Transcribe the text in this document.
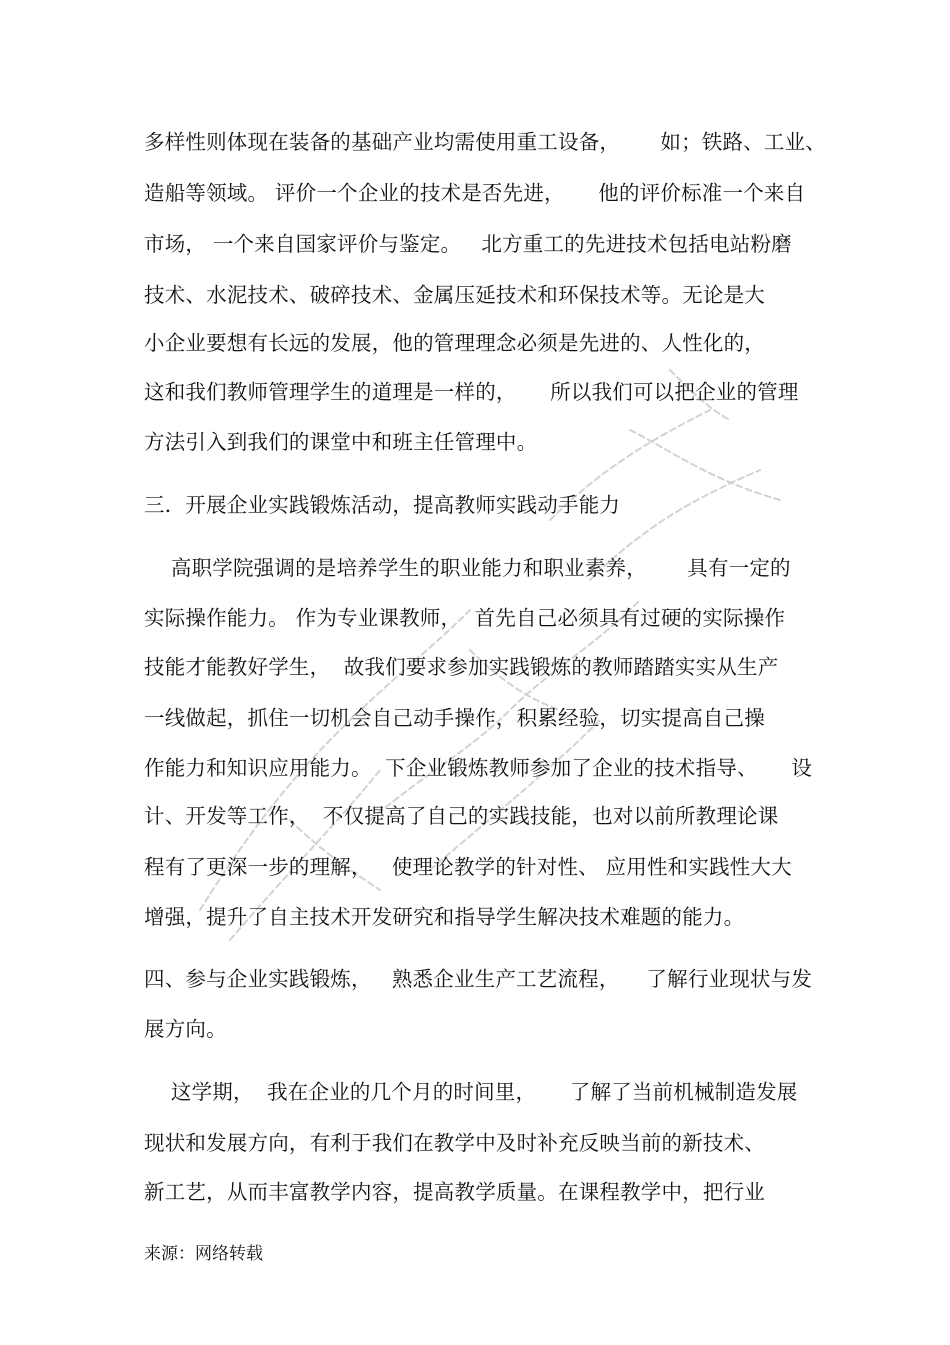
多样性则体现在装备的基础产业均需使用重工设备，      如；铁路、工业、

造船等领域。 评价一个企业的技术是否先进，     他的评价标准一个来自

市场， 一个来自国家评价与鉴定。   北方重工的先进技术包括电站粉磨

技术、水泥技术、破碎技术、金属压延技术和环保技术等。无论是大

小企业要想有长远的发展，他的管理理念必须是先进的、人性化的，

这和我们教师管理学生的道理是一样的，     所以我们可以把企业的管理

方法引入到我们的课堂中和班主任管理中。

三．开展企业实践锻炼活动，提高教师实践动手能力

高职学院强调的是培养学生的职业能力和职业素养，      具有一定的

实际操作能力。 作为专业课教师，  首先自己必须具有过硬的实际操作

技能才能教好学生，  故我们要求参加实践锻炼的教师踏踏实实从生产

一线做起，抓住一切机会自己动手操作，积累经验，切实提高自己操

作能力和知识应用能力。  下企业锻炼教师参加了企业的技术指导、     设

计、开发等工作，  不仅提高了自己的实践技能，也对以前所教理论课

程有了更深一步的理解，   使理论教学的针对性、 应用性和实践性大大

增强，提升了自主技术开发研究和指导学生解决技术难题的能力。

四、参与企业实践锻炼，   熟悉企业生产工艺流程，    了解行业现状与发

展方向。

这学期，  我在企业的几个月的时间里，     了解了当前机械制造发展

现状和发展方向，有利于我们在教学中及时补充反映当前的新技术、

新工艺，从而丰富教学内容，提高教学质量。在课程教学中，把行业

来源：网络转载
